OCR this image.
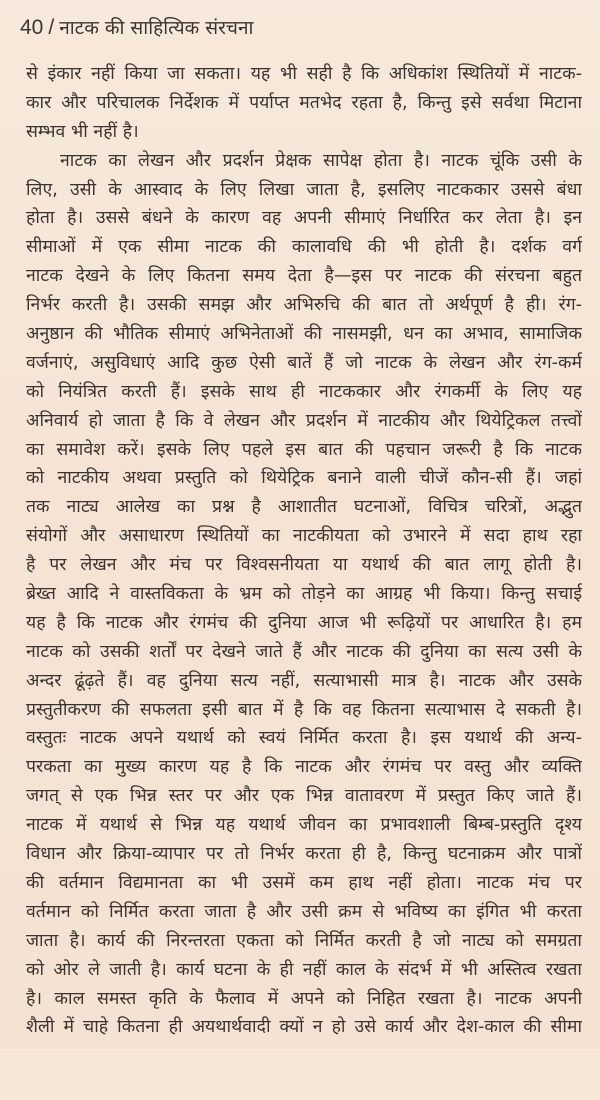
40 / नाटक की साहित्यिक संरचना
से इंकार नहीं किया जा सकता। यह भी सही है कि अधिकांश स्थितियों में नाटक-
कार और परिचालक निर्देशक में पर्याप्त मतभेद रहता है, किन्तु इसे सर्वथा मिटाना
सम्भव भी नहीं है।
नाटक का लेखन और प्रदर्शन प्रेक्षक सापेक्ष होता है। नाटक चूंकि उसी के
लिए, उसी के आस्वाद के लिए लिखा जाता है, इसलिए नाटककार उससे बंधा
होता है। उससे बंधने के कारण वह अपनी सीमाएं निर्धारित कर लेता है। इन
सीमाओं में एक सीमा नाटक की कालावधि की भी होती है। दर्शक वर्ग
नाटक देखने के लिए कितना समय देता है—इस पर नाटक की संरचना बहुत
निर्भर करती है। उसकी समझ और अभिरुचि की बात तो अर्थपूर्ण है ही। रंग-
अनुष्ठान की भौतिक सीमाएं अभिनेताओं की नासमझी, धन का अभाव, सामाजिक
वर्जनाएं, असुविधाएं आदि कुछ ऐसी बातें हैं जो नाटक के लेखन और रंग-कर्म
को नियंत्रित करती हैं। इसके साथ ही नाटककार और रंगकर्मी के लिए यह
अनिवार्य हो जाता है कि वे लेखन और प्रदर्शन में नाटकीय और थियेट्रिकल तत्त्वों
का समावेश करें। इसके लिए पहले इस बात की पहचान जरूरी है कि नाटक
को नाटकीय अथवा प्रस्तुति को थियेट्रिक बनाने वाली चीजें कौन-सी हैं। जहां
तक नाट्य आलेख का प्रश्न है आशातीत घटनाओं, विचित्र चरित्रों, अद्भुत
संयोगों और असाधारण स्थितियों का नाटकीयता को उभारने में सदा हाथ रहा
है पर लेखन और मंच पर विश्वसनीयता या यथार्थ की बात लागू होती है।
ब्रेख्त आदि ने वास्तविकता के भ्रम को तोड़ने का आग्रह भी किया। किन्तु सचाई
यह है कि नाटक और रंगमंच की दुनिया आज भी रूढ़ियों पर आधारित है। हम
नाटक को उसकी शर्तों पर देखने जाते हैं और नाटक की दुनिया का सत्य उसी के
अन्दर ढूंढ़ते हैं। वह दुनिया सत्य नहीं, सत्याभासी मात्र है। नाटक और उसके
प्रस्तुतीकरण की सफलता इसी बात में है कि वह कितना सत्याभास दे सकती है।
वस्तुतः नाटक अपने यथार्थ को स्वयं निर्मित करता है। इस यथार्थ की अन्य-
परकता का मुख्य कारण यह है कि नाटक और रंगमंच पर वस्तु और व्यक्ति
जगत् से एक भिन्न स्तर पर और एक भिन्न वातावरण में प्रस्तुत किए जाते हैं।
नाटक में यथार्थ से भिन्न यह यथार्थ जीवन का प्रभावशाली बिम्ब-प्रस्तुति दृश्य
विधान और क्रिया-व्यापार पर तो निर्भर करता ही है, किन्तु घटनाक्रम और पात्रों
की वर्तमान विद्यमानता का भी उसमें कम हाथ नहीं होता। नाटक मंच पर
वर्तमान को निर्मित करता जाता है और उसी क्रम से भविष्य का इंगित भी करता
जाता है। कार्य की निरन्तरता एकता को निर्मित करती है जो नाट्य को समग्रता
को ओर ले जाती है। कार्य घटना के ही नहीं काल के संदर्भ में भी अस्तित्व रखता
है। काल समस्त कृति के फैलाव में अपने को निहित रखता है। नाटक अपनी
शैली में चाहे कितना ही अयथार्थवादी क्यों न हो उसे कार्य और देश-काल की सीमा
